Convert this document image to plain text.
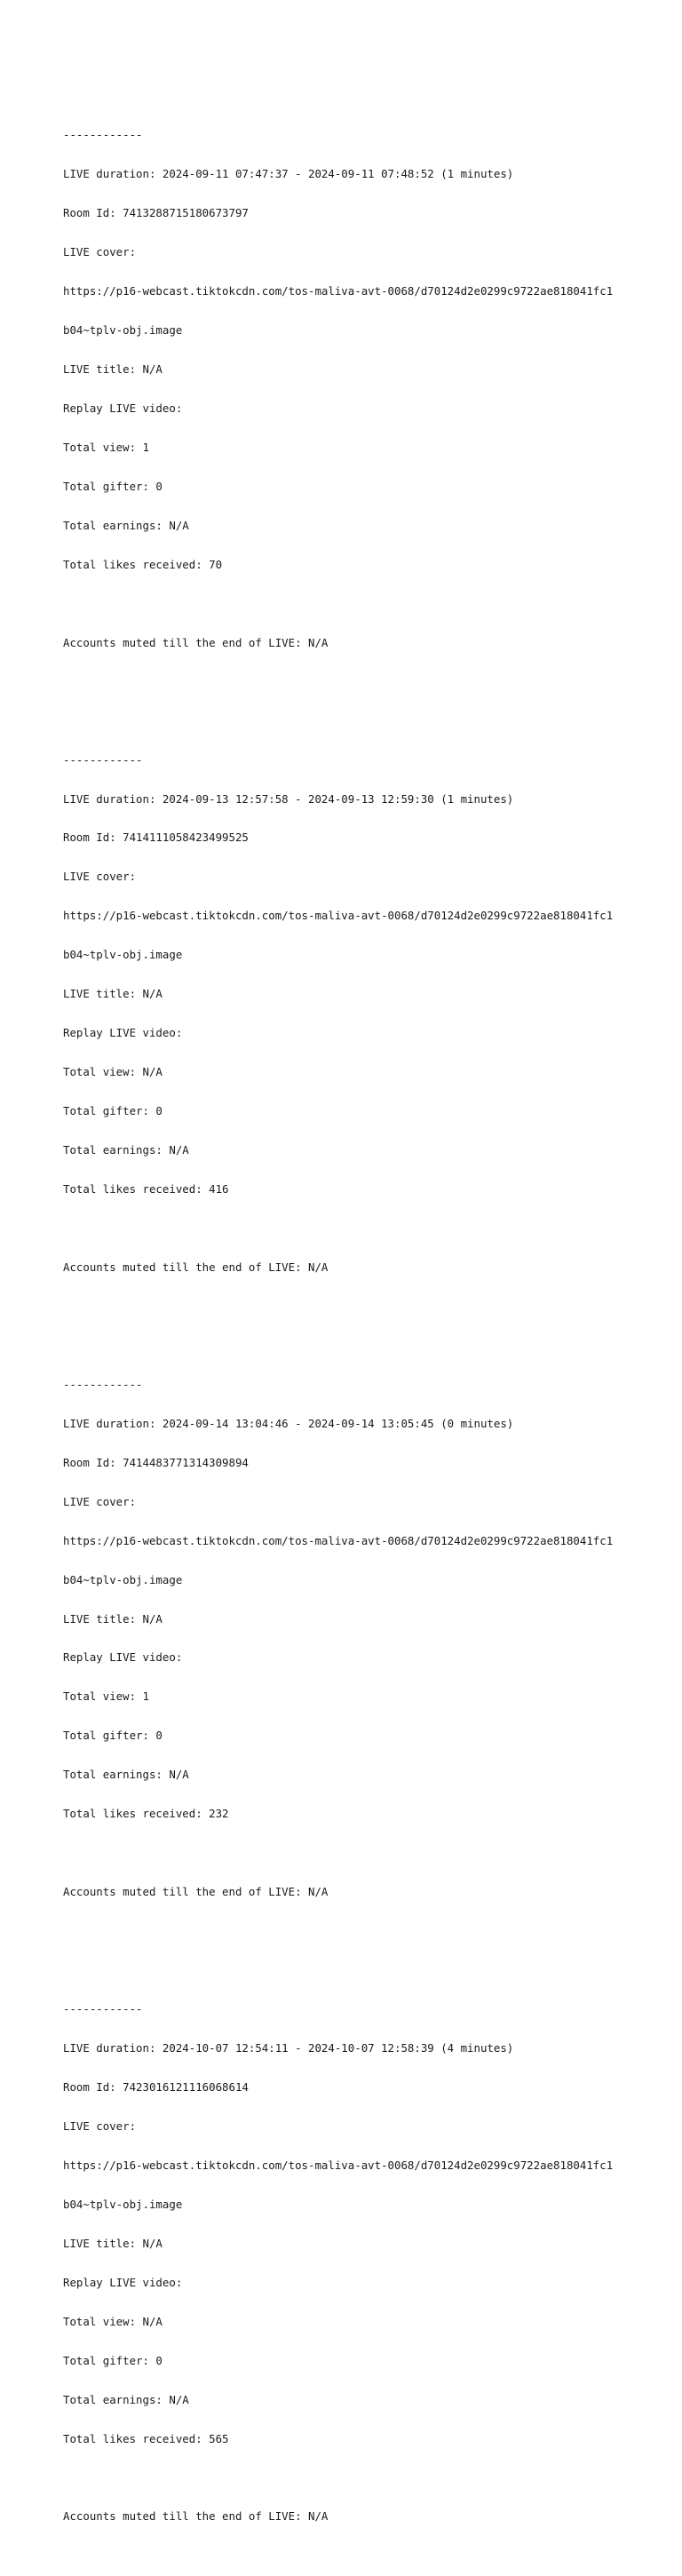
------------

LIVE duration: 2024-09-11 07:47:37 - 2024-09-11 07:48:52 (1 minutes)

Room Id: 7413288715180673797

LIVE cover:

https://p16-webcast.tiktokcdn.com/tos-maliva-avt-0068/d70124d2e0299c9722ae818041fc1

b04~tplv-obj.image

LIVE title: N/A

Replay LIVE video:

Total view: 1

Total gifter: 0

Total earnings: N/A

Total likes received: 70

Accounts muted till the end of LIVE: N/A

------------

LIVE duration: 2024-09-13 12:57:58 - 2024-09-13 12:59:30 (1 minutes)

Room Id: 7414111058423499525

LIVE cover:

https://p16-webcast.tiktokcdn.com/tos-maliva-avt-0068/d70124d2e0299c9722ae818041fc1

b04~tplv-obj.image

LIVE title: N/A

Replay LIVE video:

Total view: N/A

Total gifter: 0

Total earnings: N/A

Total likes received: 416

Accounts muted till the end of LIVE: N/A

------------

LIVE duration: 2024-09-14 13:04:46 - 2024-09-14 13:05:45 (0 minutes)

Room Id: 7414483771314309894

LIVE cover:

https://p16-webcast.tiktokcdn.com/tos-maliva-avt-0068/d70124d2e0299c9722ae818041fc1

b04~tplv-obj.image

LIVE title: N/A

Replay LIVE video:

Total view: 1

Total gifter: 0

Total earnings: N/A

Total likes received: 232

Accounts muted till the end of LIVE: N/A

------------

LIVE duration: 2024-10-07 12:54:11 - 2024-10-07 12:58:39 (4 minutes)

Room Id: 7423016121116068614

LIVE cover:

https://p16-webcast.tiktokcdn.com/tos-maliva-avt-0068/d70124d2e0299c9722ae818041fc1

b04~tplv-obj.image

LIVE title: N/A

Replay LIVE video:

Total view: N/A

Total gifter: 0

Total earnings: N/A

Total likes received: 565

Accounts muted till the end of LIVE: N/A
